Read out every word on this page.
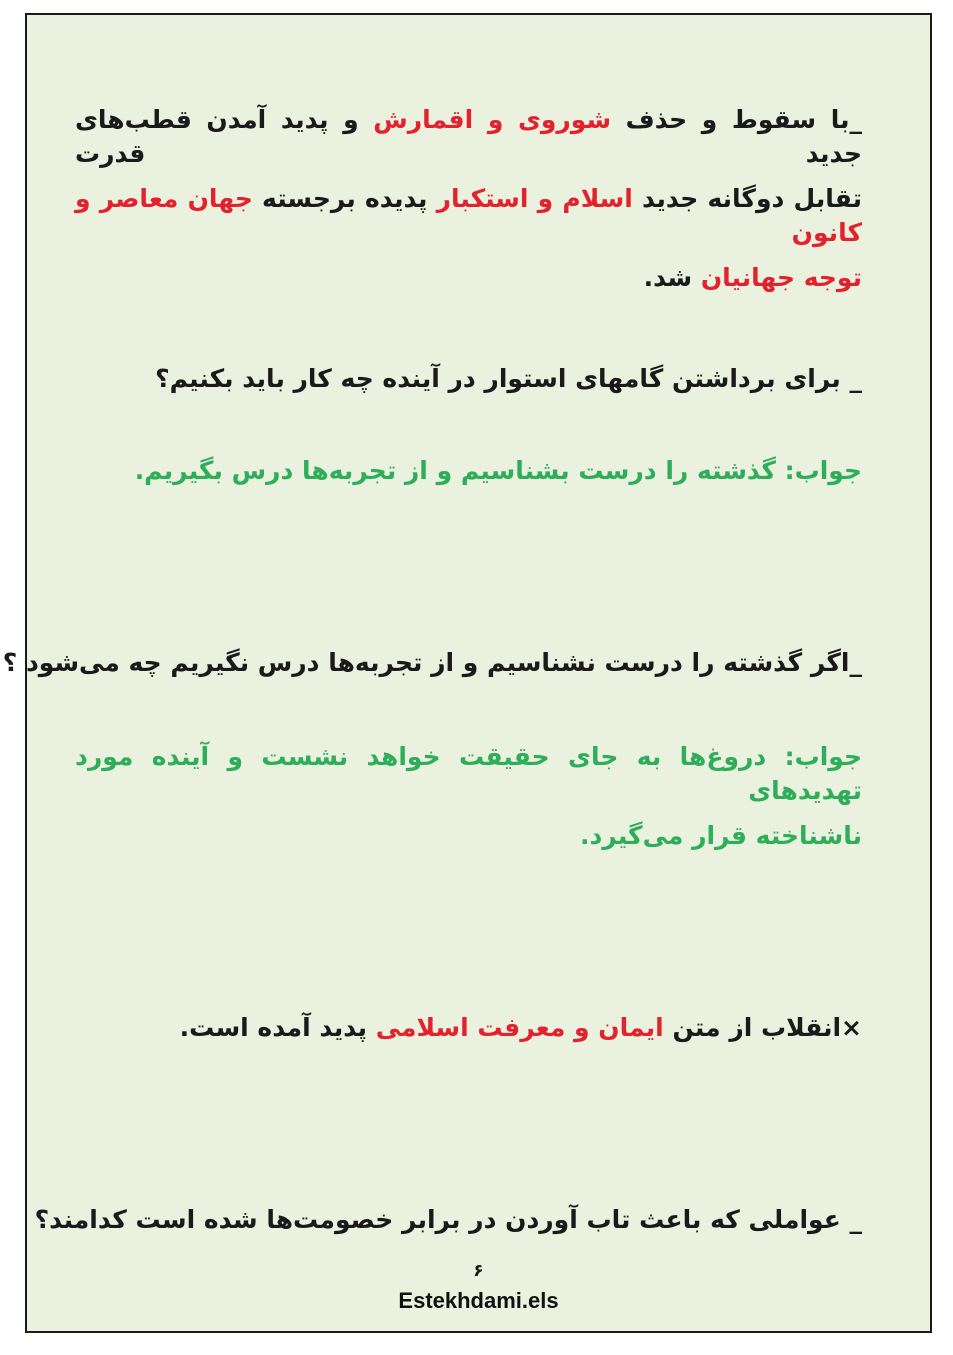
_با سقوط و حذف شوروی و اقمارش و پدید آمدن قطب‌های جدید قدرت
تقابل دوگانه جدید اسلام و استکبار پدیده برجسته جهان معاصر و کانون
توجه جهانیان شد.
_ برای برداشتن گامهای استوار در آینده چه کار باید بکنیم؟
جواب: گذشته را درست بشناسیم و از تجربه‌ها درس بگیریم.
_اگر گذشته را درست نشناسیم و از تجربه‌ها درس نگیریم چه می‌شود ؟
جواب: دروغ‌ها به جای حقیقت خواهد نشست و آینده مورد تهدیدهای
ناشناخته قرار می‌گیرد.
×انقلاب از متن ایمان و معرفت اسلامی پدید آمده است.
_ عواملی که باعث تاب آوردن در برابر خصومت‌ها شده است کدامند؟
۶
Estekhdami.els
